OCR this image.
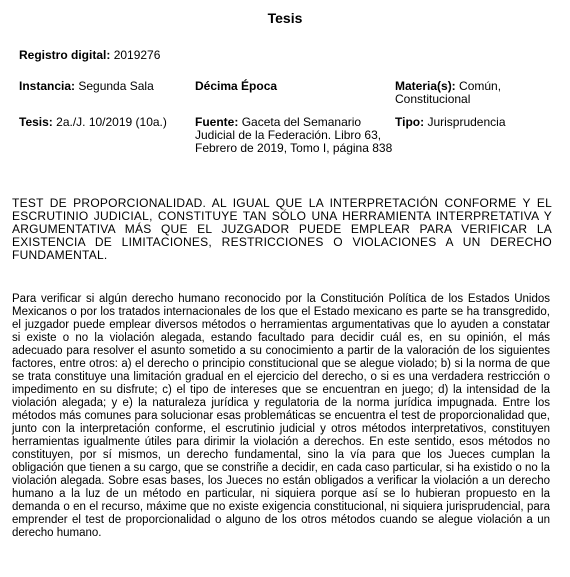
Tesis
Registro digital: 2019276
Instancia: Segunda Sala	Décima Época	Materia(s): Común, Constitucional
Tesis: 2a./J. 10/2019 (10a.) Fuente: Gaceta del Semanario Judicial de la Federación. Libro 63, Febrero de 2019, Tomo I, página 838
Tipo: Jurisprudencia
TEST DE PROPORCIONALIDAD. AL IGUAL QUE LA INTERPRETACIÓN CONFORME Y EL ESCRUTINIO JUDICIAL, CONSTITUYE TAN SÓLO UNA HERRAMIENTA INTERPRETATIVA Y ARGUMENTATIVA MÁS QUE EL JUZGADOR PUEDE EMPLEAR PARA VERIFICAR LA EXISTENCIA DE LIMITACIONES, RESTRICCIONES O VIOLACIONES A UN DERECHO FUNDAMENTAL.
Para verificar si algún derecho humano reconocido por la Constitución Política de los Estados Unidos Mexicanos o por los tratados internacionales de los que el Estado mexicano es parte se ha transgredido, el juzgador puede emplear diversos métodos o herramientas argumentativas que lo ayuden a constatar si existe o no la violación alegada, estando facultado para decidir cuál es, en su opinión, el más adecuado para resolver el asunto sometido a su conocimiento a partir de la valoración de los siguientes factores, entre otros: a) el derecho o principio constitucional que se alegue violado; b) si la norma de que se trata constituye una limitación gradual en el ejercicio del derecho, o si es una verdadera restricción o impedimento en su disfrute; c) el tipo de intereses que se encuentran en juego; d) la intensidad de la violación alegada; y e) la naturaleza jurídica y regulatoria de la norma jurídica impugnada. Entre los métodos más comunes para solucionar esas problemáticas se encuentra el test de proporcionalidad que, junto con la interpretación conforme, el escrutinio judicial y otros métodos interpretativos, constituyen herramientas igualmente útiles para dirimir la violación a derechos. En este sentido, esos métodos no constituyen, por sí mismos, un derecho fundamental, sino la vía para que los Jueces cumplan la obligación que tienen a su cargo, que se constriñe a decidir, en cada caso particular, si ha existido o no la violación alegada. Sobre esas bases, los Jueces no están obligados a verificar la violación a un derecho humano a la luz de un método en particular, ni siquiera porque así se lo hubieran propuesto en la demanda o en el recurso, máxime que no existe exigencia constitucional, ni siquiera jurisprudencial, para emprender el test de proporcionalidad o alguno de los otros métodos cuando se alegue violación a un derecho humano.
